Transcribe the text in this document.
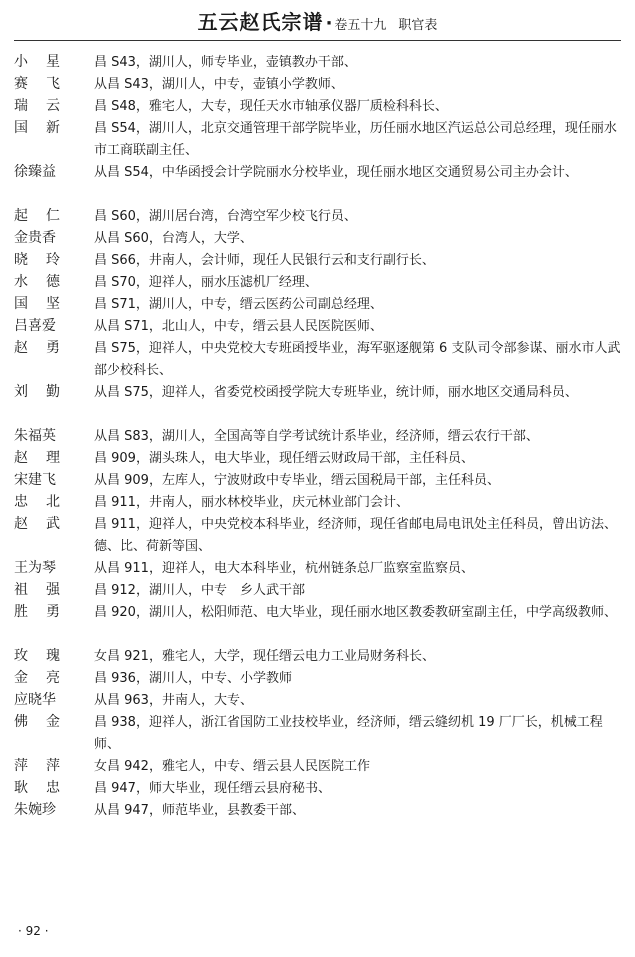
五云赵氏宗谱 · 卷五十九 职官表
小星	昌 S43，湖川人，师专毕业，壶镇教办干部、
赛飞	从昌 S43，湖川人，中专，壶镇小学教师、
瑞云	昌 S48，雅宅人，大专，现任天水市轴承仪器厂质检科科长、
国新	昌 S54，湖川人，北京交通管理干部学院毕业，历任丽水地区汽运总公司总经理，现任丽水市工商联副主任、
徐臻益	从昌 S54，中华函授会计学院丽水分校毕业，现任丽水地区交通贸易公司主办会计、
起仁	昌 S60，湖川居台湾，台湾空军少校飞行员、
金贵香	从昌 S60，台湾人，大学、
晓玲	昌 S66，井南人，会计师，现任人民银行云和支行副行长、
水德	昌 S70，迎祥人，丽水压滤机厂经理、
国坚	昌 S71，湖川人，中专，缙云医药公司副总经理、
吕喜爱	从昌 S71，北山人，中专，缙云县人民医院医师、
赵勇	昌 S75，迎祥人，中央党校大专班函授毕业，海军驱逐舰第 6 支队司令部参谋、丽水市人武部少校科长、
刘勤	从昌 S75，迎祥人，省委党校函授学院大专班毕业，统计师，丽水地区交通局科员、
朱福英	从昌 S83，湖川人，全国高等自学考试统计系毕业，经济师，缙云农行干部、
赵理	昌 909，湖头珠人，电大毕业，现任缙云财政局干部，主任科员、
宋建飞	从昌 909，左库人，宁波财政中专毕业，缙云国税局干部，主任科员、
忠北	昌 911，井南人，丽水林校毕业，庆元林业部门会计、
赵武	昌 911，迎祥人，中央党校本科毕业，经济师，现任省邮电局电讯处主任科员，曾出访法、德、比、荷新等国、
王为琴	从昌 911，迎祥人，电大本科毕业，杭州链条总厂监察室监察员、
祖强	昌 912，湖川人，中专　乡人武干部
胜勇	昌 920，湖川人，松阳师范、电大毕业，现任丽水地区教委教研室副主任，中学高级教师、
玫瑰	女昌 921，雅宅人，大学，现任缙云电力工业局财务科长、
金亮	昌 936，湖川人，中专、小学教师
应晓华	从昌 963，井南人，大专、
佛金	昌 938，迎祥人，浙江省国防工业技校毕业，经济师，缙云缝纫机 19 厂厂长，机械工程师、
萍萍	女昌 942，雅宅人，中专、缙云县人民医院工作
耿忠	昌 947，师大毕业，现任缙云县府秘书、
朱婉珍	从昌 947，师范毕业，县教委干部、
· 92 ·
